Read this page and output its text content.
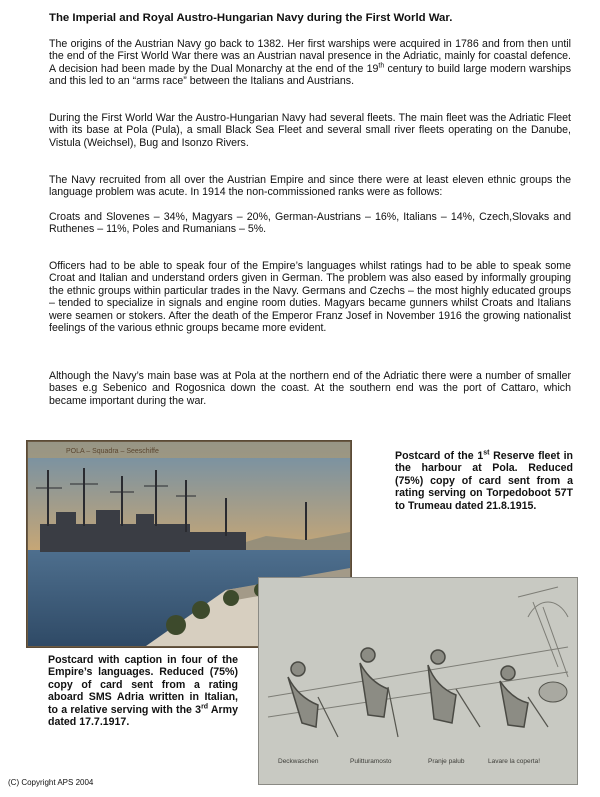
The Imperial and Royal Austro-Hungarian Navy during the First World War.

The origins of the Austrian Navy go back to 1382. Her first warships were acquired in 1786 and from then until the end of the First World War there was an Austrian naval presence in the Adriatic, mainly for coastal defence. A decision had been made by the Dual Monarchy at the end of the 19th century to build large modern warships and this led to an “arms race” between the Italians and Austrians.

During the First World War the Austro-Hungarian Navy had several fleets. The main fleet was the Adriatic Fleet with its base at Pola (Pula), a small Black Sea Fleet and several small river fleets operating on the Danube, Vistula (Weichsel), Bug and Isonzo Rivers.

The Navy recruited from all over the Austrian Empire and since there were at least eleven ethnic groups the language problem was acute. In 1914 the non-commissioned ranks were as follows:

Croats and Slovenes – 34%, Magyars – 20%, German-Austrians – 16%, Italians – 14%, Czech,Slovaks and Ruthenes – 11%, Poles and Rumanians – 5%.

Officers had to be able to speak four of the Empire’s languages whilst ratings had to be able to speak some Croat and Italian and understand orders given in German. The problem was also eased by informally grouping the ethnic groups within particular trades in the Navy. Germans and Czechs – the most highly educated groups – tended to specialize in signals and engine room duties. Magyars became gunners whilst Croats and Italians were seamen or stokers. After the death of the Emperor Franz Josef in November 1916 the growing nationalist feelings of the various ethnic groups became more evident.

Although the Navy’s main base was at Pola at the northern end of the Adriatic there were a number of smaller bases e.g Sebenico and Rogosnica down the coast. At the southern end was the port of Cattaro, which became important during the war.

POLA – Squadra – Seeschiffe	Postcard of the 1st Reserve fleet in the harbour at Pola. Reduced (75%) copy of card sent from a rating serving on Torpedoboot 57T to Trumeau dated 21.8.1915.
Deckwaschen	Pulitturamosto	Pranje palub	Lavare la coperta!
Postcard with caption in four of the Empire’s languages. Reduced (75%) copy of card sent from a rating aboard SMS Adria written in Italian, to a relative serving with the 3rd Army dated 17.7.1917.
(C) Copyright APS 2004
